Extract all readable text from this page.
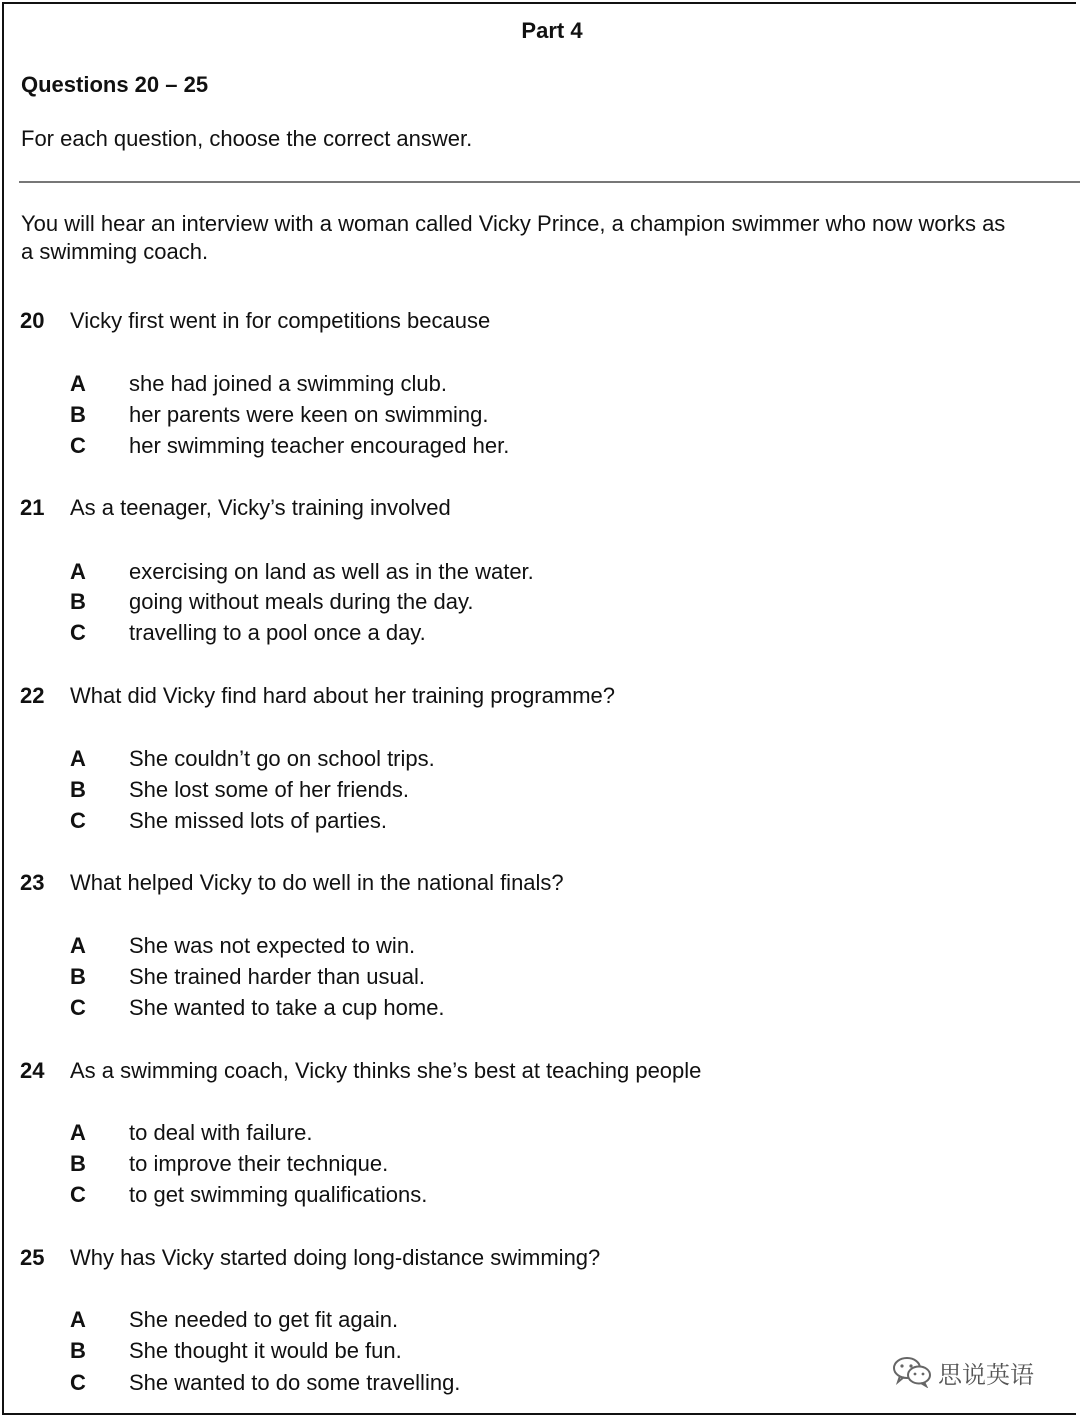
Part 4
Questions 20 – 25
For each question, choose the correct answer.
You will hear an interview with a woman called Vicky Prince, a champion swimmer who now works as
a swimming coach.
20 Vicky first went in for competitions because
A she had joined a swimming club.
B her parents were keen on swimming.
C her swimming teacher encouraged her.
21 As a teenager, Vicky’s training involved
A exercising on land as well as in the water.
B going without meals during the day.
C travelling to a pool once a day.
22 What did Vicky find hard about her training programme?
A She couldn’t go on school trips.
B She lost some of her friends.
C She missed lots of parties.
23 What helped Vicky to do well in the national finals?
A She was not expected to win.
B She trained harder than usual.
C She wanted to take a cup home.
24 As a swimming coach, Vicky thinks she’s best at teaching people
A to deal with failure.
B to improve their technique.
C to get swimming qualifications.
25 Why has Vicky started doing long-distance swimming?
A She needed to get fit again.
B She thought it would be fun.
C She wanted to do some travelling.	思说英语
